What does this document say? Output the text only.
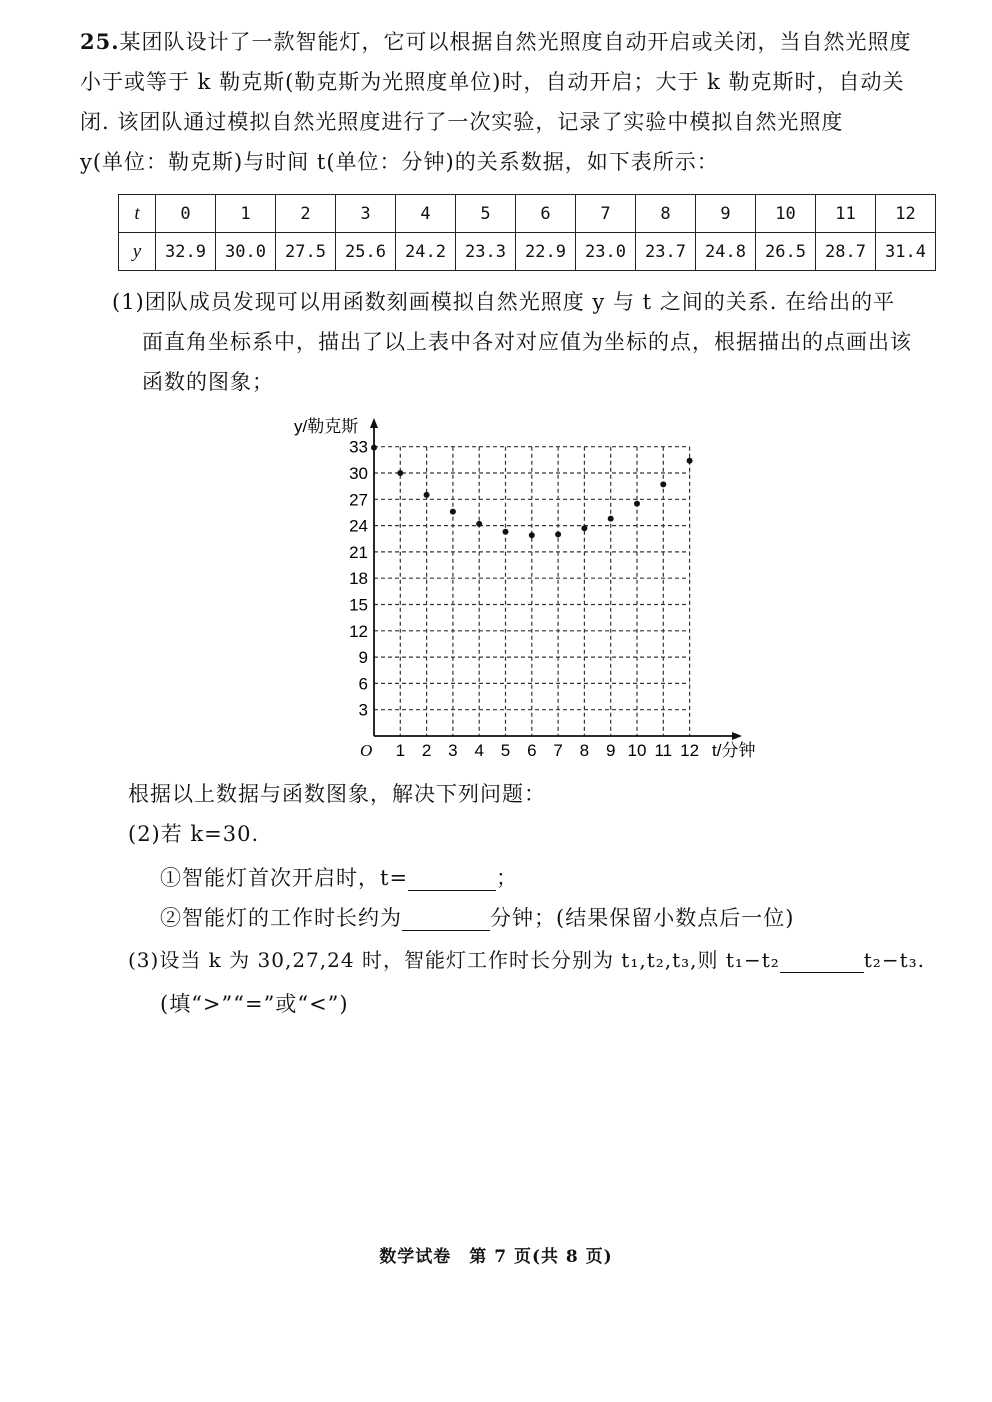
25.某团队设计了一款智能灯，它可以根据自然光照度自动开启或关闭，当自然光照度
小于或等于 k 勒克斯(勒克斯为光照度单位)时，自动开启；大于 k 勒克斯时，自动关
闭. 该团队通过模拟自然光照度进行了一次实验，记录了实验中模拟自然光照度
y(单位：勒克斯)与时间 t(单位：分钟)的关系数据，如下表所示：
t	0	1	2	3	4	5	6	7	8	9	10	11	12
y	32.9	30.0	27.5	25.6	24.2	23.3	22.9	23.0	23.7	24.8	26.5	28.7	31.4
(1)团队成员发现可以用函数刻画模拟自然光照度 y 与 t 之间的关系. 在给出的平
面直角坐标系中，描出了以上表中各对对应值为坐标的点，根据描出的点画出该
函数的图象；
1 2 3 4 5 6 7 8 9 10 11 12
3
6
9
12
15
18
21
24
27
30
33
y/勒克斯
t/分钟
O
根据以上数据与函数图象，解决下列问题：
(2)若 k=30.
①智能灯首次开启时，t=	；
②智能灯的工作时长约为	分钟；(结果保留小数点后一位)
(3)设当 k 为 30,27,24 时，智能灯工作时长分别为 t₁,t₂,t₃,则 t₁−t₂	t₂−t₃.
(填“>”“=”或“<”)
数学试卷　第 7 页(共 8 页)
